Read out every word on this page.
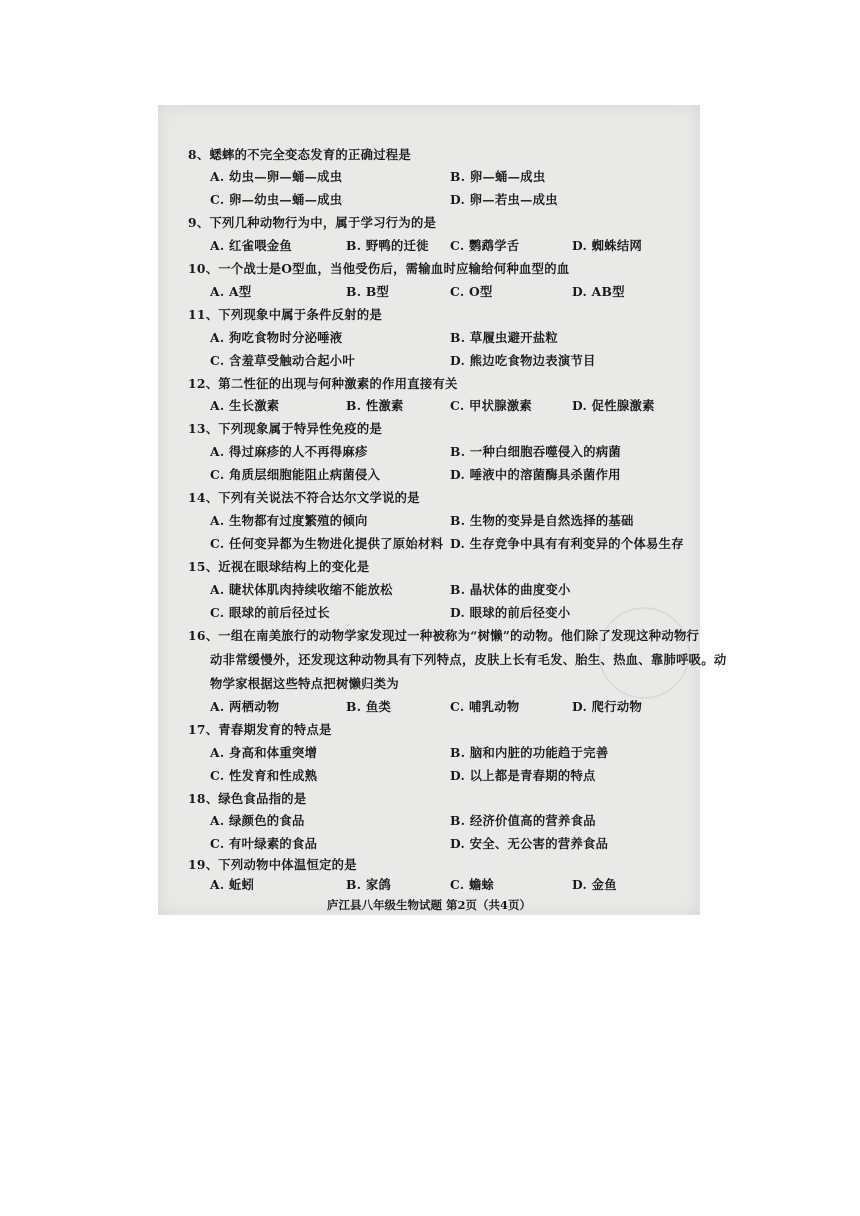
8、蟋蟀的不完全变态发育的正确过程是
A. 幼虫—卵—蛹—成虫	B. 卵—蛹—成虫
C. 卵—幼虫—蛹—成虫	D. 卵—若虫—成虫
9、下列几种动物行为中，属于学习行为的是
A. 红雀喂金鱼	B. 野鸭的迁徙 C. 鹦鹉学舌	D. 蜘蛛结网
10、一个战士是O型血，当他受伤后，需输血时应输给何种血型的血
A. A型	B. B型	C. O型	D. AB型
11、下列现象中属于条件反射的是
A. 狗吃食物时分泌唾液	B. 草履虫避开盐粒
C. 含羞草受触动合起小叶	D. 熊边吃食物边表演节目
12、第二性征的出现与何种激素的作用直接有关
A. 生长激素	B. 性激素	C. 甲状腺激素	D. 促性腺激素
13、下列现象属于特异性免疫的是
A. 得过麻疹的人不再得麻疹	B. 一种白细胞吞噬侵入的病菌
C. 角质层细胞能阻止病菌侵入	D. 唾液中的溶菌酶具杀菌作用
14、下列有关说法不符合达尔文学说的是
A. 生物都有过度繁殖的倾向	B. 生物的变异是自然选择的基础
C. 任何变异都为生物进化提供了原始材料 D. 生存竞争中具有有利变异的个体易生存
15、近视在眼球结构上的变化是
A. 睫状体肌肉持续收缩不能放松	B. 晶状体的曲度变小
C. 眼球的前后径过长	D. 眼球的前后径变小
16、一组在南美旅行的动物学家发现过一种被称为“树懒”的动物。他们除了发现这种动物行
动非常缓慢外，还发现这种动物具有下列特点，皮肤上长有毛发、胎生、热血、靠肺呼吸。动
物学家根据这些特点把树懒归类为
A. 两栖动物	B. 鱼类	C. 哺乳动物	D. 爬行动物
17、青春期发育的特点是
A. 身高和体重突增	B. 脑和内脏的功能趋于完善
C. 性发育和性成熟	D. 以上都是青春期的特点
18、绿色食品指的是
A. 绿颜色的食品	B. 经济价值高的营养食品
C. 有叶绿素的食品	D. 安全、无公害的营养食品
19、下列动物中体温恒定的是
庐江县八年级生物试题 第2页（共4页）
A. 蚯蚓	B. 家鸽	C. 蟾蜍	D. 金鱼
